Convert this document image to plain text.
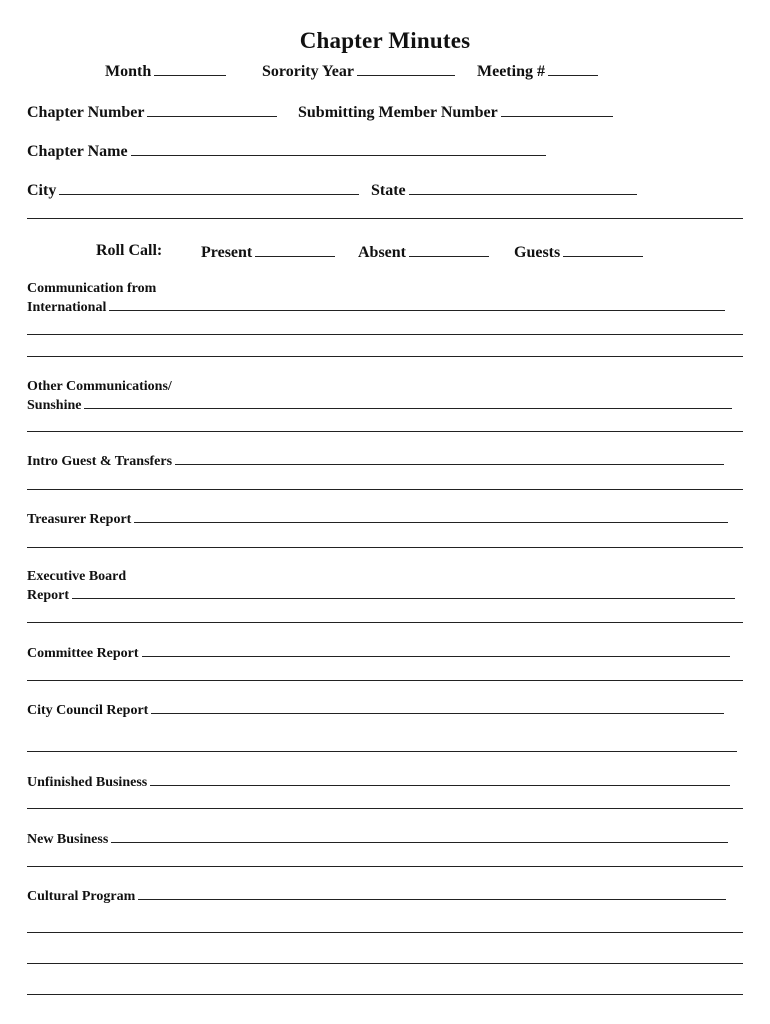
Chapter Minutes
Month	Sorority Year	Meeting #
Chapter Number	Submitting Member Number
Chapter Name
City	State
Roll Call: Present	Absent	Guests
Communication from
International
Other Communications/
Sunshine
Intro Guest & Transfers
Treasurer Report
Executive Board
Report
Committee Report
City Council Report
Unfinished Business
New Business
Cultural Program
